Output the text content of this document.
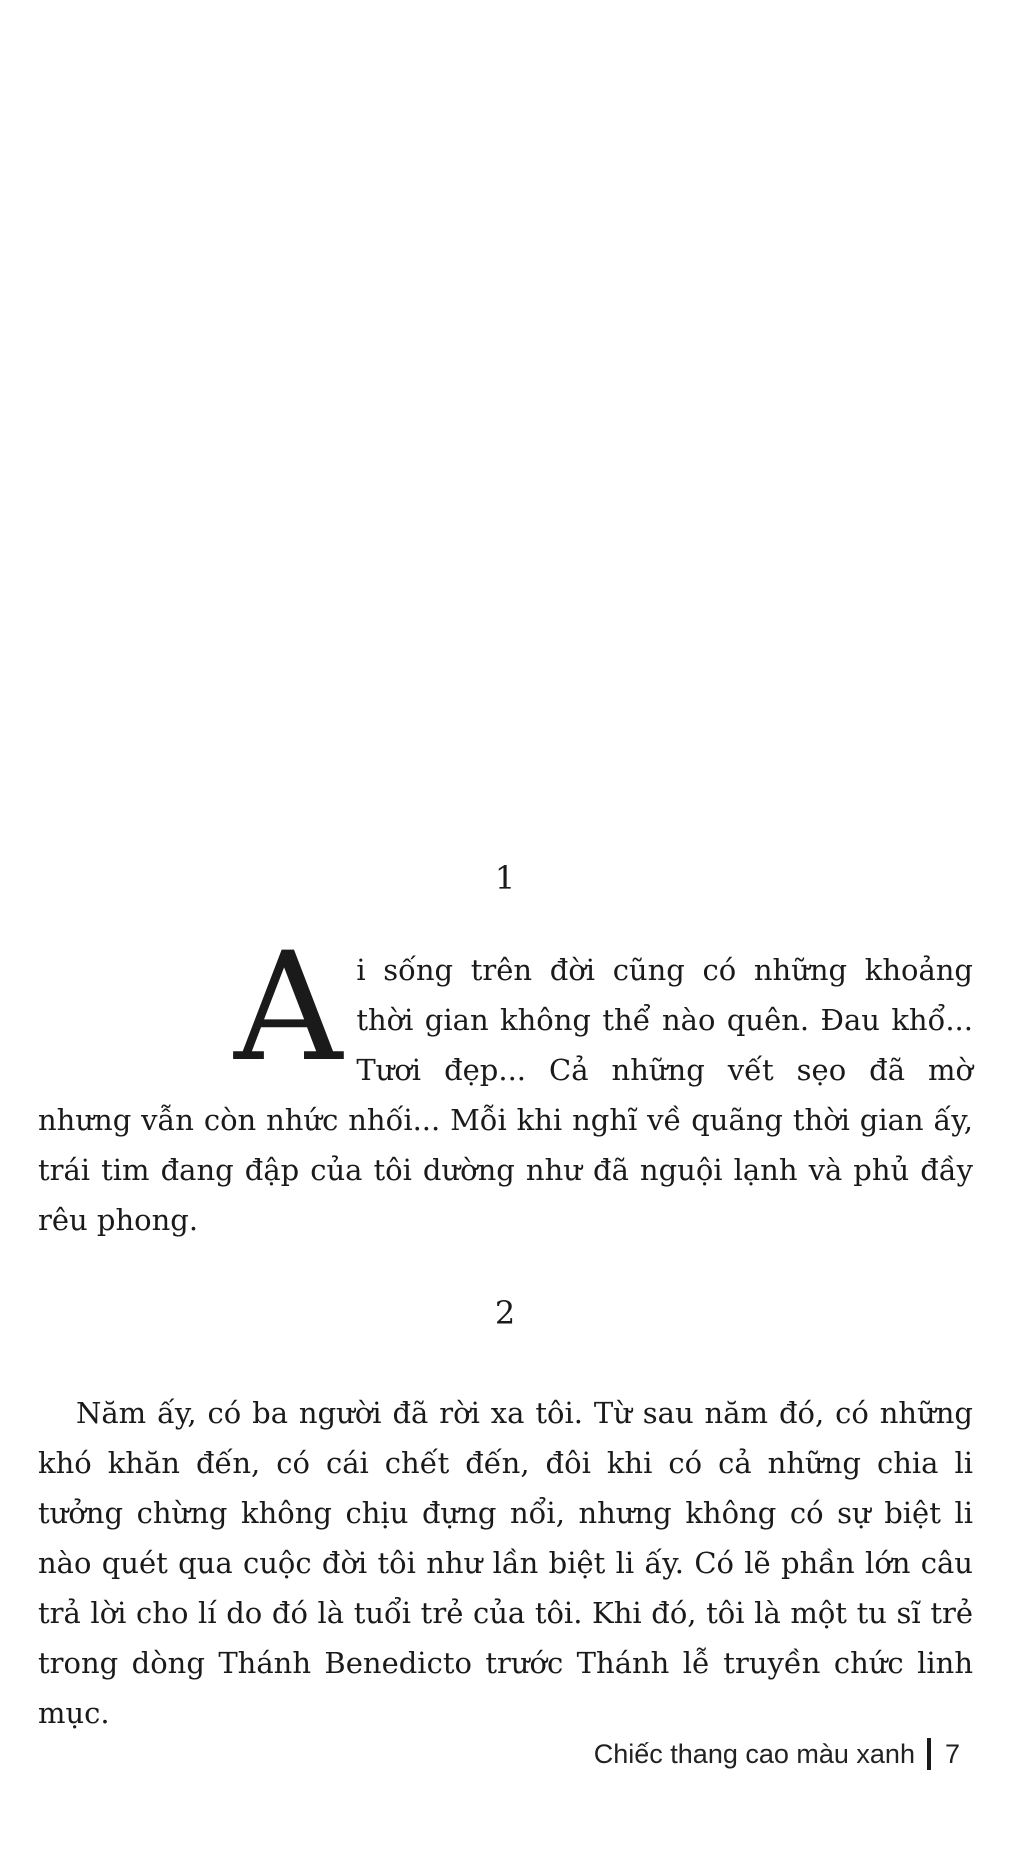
1
Ai sống trên đời cũng có những khoảng thời gian không thể nào quên. Đau khổ... Tươi đẹp... Cả những vết sẹo đã mờ nhưng vẫn còn nhức nhối... Mỗi khi nghĩ về quãng thời gian ấy, trái tim đang đập của tôi dường như đã nguội lạnh và phủ đầy rêu phong.
2
Năm ấy, có ba người đã rời xa tôi. Từ sau năm đó, có những khó khăn đến, có cái chết đến, đôi khi có cả những chia li tưởng chừng không chịu đựng nổi, nhưng không có sự biệt li nào quét qua cuộc đời tôi như lần biệt li ấy. Có lẽ phần lớn câu trả lời cho lí do đó là tuổi trẻ của tôi. Khi đó, tôi là một tu sĩ trẻ trong dòng Thánh Benedicto trước Thánh lễ truyền chức linh mục.
Chiếc thang cao màu xanh 7
